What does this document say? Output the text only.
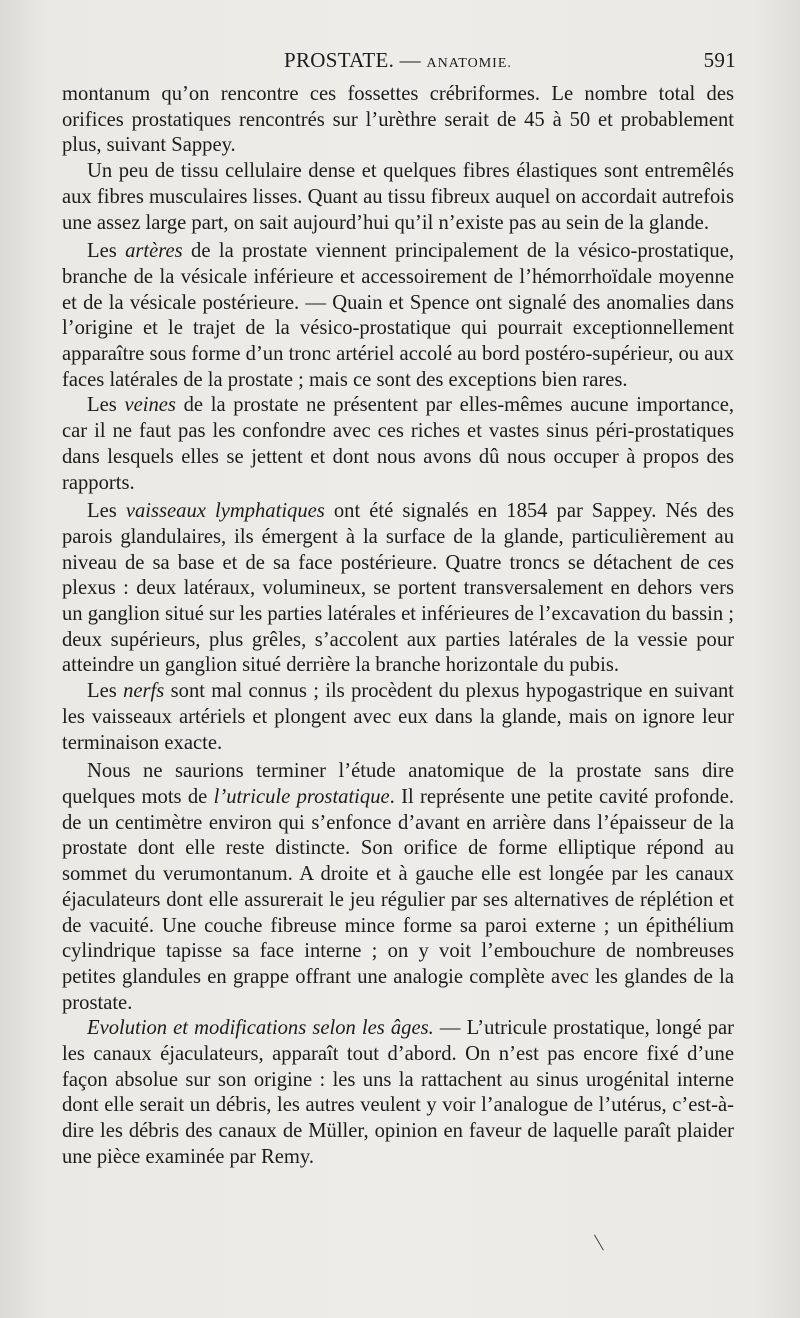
PROSTATE. — ANATOMIE.	591

montanum qu’on rencontre ces fossettes crébriformes. Le nombre total des orifices prostatiques rencontrés sur l’urèthre serait de 45 à 50 et probablement plus, suivant Sappey.

Un peu de tissu cellulaire dense et quelques fibres élastiques sont entremêlés aux fibres musculaires lisses. Quant au tissu fibreux auquel on accordait autrefois une assez large part, on sait aujourd’hui qu’il n’existe pas au sein de la glande.

Les artères de la prostate viennent principalement de la vésico-prostatique, branche de la vésicale inférieure et accessoirement de l’hémorrhoïdale moyenne et de la vésicale postérieure. — Quain et Spence ont signalé des anomalies dans l’origine et le trajet de la vésico-prostatique qui pourrait exceptionnellement apparaître sous forme d’un tronc artériel accolé au bord postéro-supérieur, ou aux faces latérales de la prostate ; mais ce sont des exceptions bien rares.

Les veines de la prostate ne présentent par elles-mêmes aucune importance, car il ne faut pas les confondre avec ces riches et vastes sinus péri-prostatiques dans lesquels elles se jettent et dont nous avons dû nous occuper à propos des rapports.

Les vaisseaux lymphatiques ont été signalés en 1854 par Sappey. Nés des parois glandulaires, ils émergent à la surface de la glande, particulièrement au niveau de sa base et de sa face postérieure. Quatre troncs se détachent de ces plexus : deux latéraux, volumineux, se portent transversalement en dehors vers un ganglion situé sur les parties latérales et inférieures de l’excavation du bassin ; deux supérieurs, plus grêles, s’accolent aux parties latérales de la vessie pour atteindre un ganglion situé derrière la branche horizontale du pubis.

Les nerfs sont mal connus ; ils procèdent du plexus hypogastrique en suivant les vaisseaux artériels et plongent avec eux dans la glande, mais on ignore leur terminaison exacte.

Nous ne saurions terminer l’étude anatomique de la prostate sans dire quelques mots de l’utricule prostatique. Il représente une petite cavité profonde. de un centimètre environ qui s’enfonce d’avant en arrière dans l’épaisseur de la prostate dont elle reste distincte. Son orifice de forme elliptique répond au sommet du verumontanum. A droite et à gauche elle est longée par les canaux éjaculateurs dont elle assurerait le jeu régulier par ses alternatives de réplétion et de vacuité. Une couche fibreuse mince forme sa paroi externe ; un épithélium cylindrique tapisse sa face interne ; on y voit l’embouchure de nombreuses petites glandules en grappe offrant une analogie complète avec les glandes de la prostate.

Evolution et modifications selon les âges. — L’utricule prostatique, longé par les canaux éjaculateurs, apparaît tout d’abord. On n’est pas encore fixé d’une façon absolue sur son origine : les uns la rattachent au sinus urogénital interne dont elle serait un débris, les autres veulent y voir l’analogue de l’utérus, c’est-à-dire les débris des canaux de Müller, opinion en faveur de laquelle paraît plaider une pièce examinée par Remy.
